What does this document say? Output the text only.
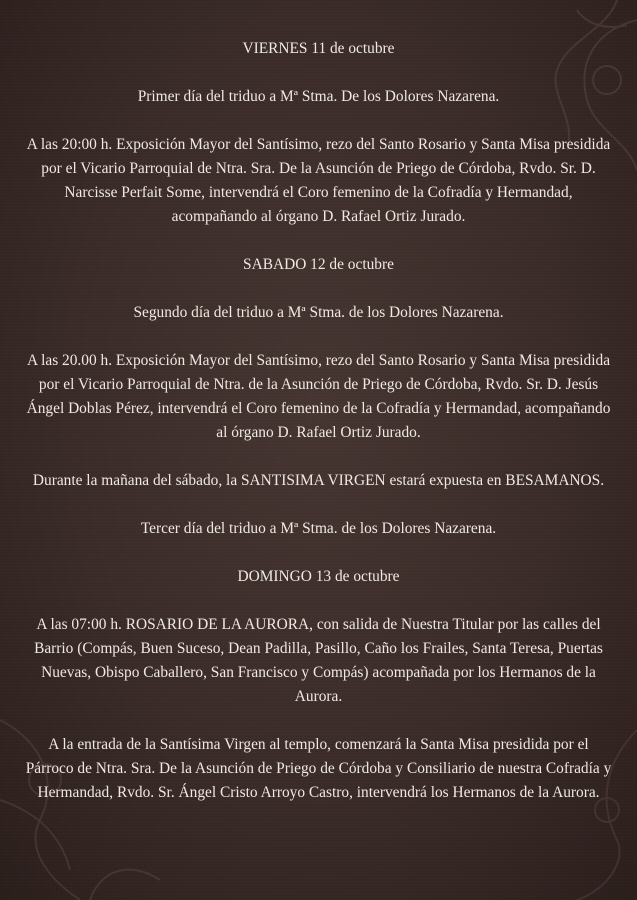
VIERNES 11 de octubre

Primer día del triduo a Mª Stma. De los Dolores Nazarena.

A las 20:00 h. Exposición Mayor del Santísimo, rezo del Santo Rosario y Santa Misa presidida por el Vicario Parroquial de Ntra. Sra. De la Asunción de Priego de Córdoba, Rvdo. Sr. D. Narcisse Perfait Some, intervendrá el Coro femenino de la Cofradía y Hermandad, acompañando al órgano D. Rafael Ortiz Jurado.

SABADO 12 de octubre

Segundo día del triduo a Mª Stma. de los Dolores Nazarena.

A las 20.00 h. Exposición Mayor del Santísimo, rezo del Santo Rosario y Santa Misa presidida por el Vicario Parroquial de Ntra. de la Asunción de Priego de Córdoba, Rvdo. Sr. D. Jesús Ángel Doblas Pérez, intervendrá el Coro femenino de la Cofradía y Hermandad, acompañando al órgano D. Rafael Ortiz Jurado.

Durante la mañana del sábado, la SANTISIMA VIRGEN estará expuesta en BESAMANOS.

Tercer día del triduo a Mª Stma. de los Dolores Nazarena.

DOMINGO 13 de octubre

A las 07:00 h. ROSARIO DE LA AURORA, con salida de Nuestra Titular por las calles del Barrio (Compás, Buen Suceso, Dean Padilla, Pasillo, Caño los Frailes, Santa Teresa, Puertas Nuevas, Obispo Caballero, San Francisco y Compás) acompañada por los Hermanos de la Aurora.

A la entrada de la Santísima Virgen al templo, comenzará la Santa Misa presidida por el Párroco de Ntra. Sra. De la Asunción de Priego de Córdoba y Consiliario de nuestra Cofradía y Hermandad, Rvdo. Sr. Ángel Cristo Arroyo Castro, intervendrá los Hermanos de la Aurora.
